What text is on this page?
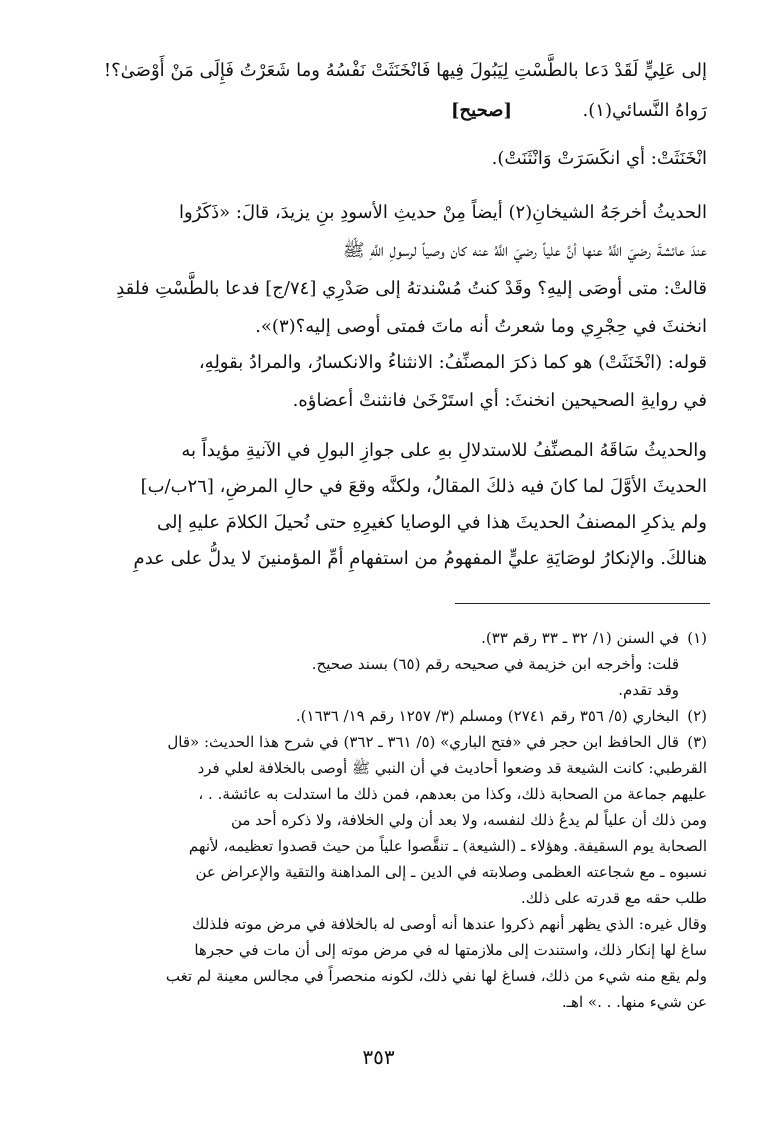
إلى عَلِيٍّ لَقَدْ دَعا بالطَّسْتِ لِيَبُولَ فِيها فَانْخَنَثَتْ نَفْسُهُ وما شَعَرْتُ فَإِلَى مَنْ أَوْصَىٰ؟!
رَواهُ النَّسائي(١).
[صحيح]
انْخَنَثَتْ: أي انكَسَرَتْ وَانْثَنَتْ).
الحديثُ أخرجَهُ الشيخانِ(٢) أيضاً مِنْ حديثِ الأسودِ بنِ يزيدَ، قالَ: «ذَكَرُوا
عندَ عائشةَ رضيَ اللَّهُ عنها أنَّ علياً رضيَ اللَّهُ عنه كان وصياً لرسولِ اللَّهِ ﷺ
قالتْ: متى أوصَى إليهِ؟ وقَدْ كنتُ مُسْندتهُ إلى صَدْرِي [٧٤/ج] فدعا بالطَّسْتِ فلقدِ
انخنثَ في حِجْرِي وما شعرتُ أنه ماتَ فمتى أوصى إليه؟(٣)».
قوله: (انْخَنَثَتْ) هو كما ذكرَ المصنِّفُ: الانثناءُ والانكسارُ، والمرادُ بقولِهِ،
في روايةِ الصحيحين انخنثَ: أي استَرْخَىٰ فانثنتْ أعضاؤه.
والحديثُ سَاقَهُ المصنِّفُ للاستدلالِ بهِ على جوازِ البولِ في الآنيةِ مؤيداً به
الحديثَ الأوَّلَ لما كانَ فيه ذلكَ المقالُ، ولكنَّه وقعَ في حالِ المرضِ، [٢٦ب/ب]
ولم يذكرِ المصنفُ الحديثَ هذا في الوصايا كغيرِهِ حتى نُحيلَ الكلامَ عليهِ إلى
هنالكَ. والإنكارُ لوصَايَةِ عليٍّ المفهومُ من استفهامِ أمِّ المؤمنينَ لا يدلُّ على عدمِ
(١)
في السنن (١/ ٣٢ ـ ٣٣ رقم ٣٣).
قلت: وأخرجه ابن خزيمة في صحيحه رقم (٦٥) بسند صحيح.
وقد تقدم.
(٢)
البخاري (٥/ ٣٥٦ رقم ٢٧٤١) ومسلم (٣/ ١٢٥٧ رقم ١٩/ ١٦٣٦).
(٣)
قال الحافظ ابن حجر في «فتح الباري» (٥/ ٣٦١ ـ ٣٦٢) في شرح هذا الحديث: «قال
القرطبي: كانت الشيعة قد وضعوا أحاديث في أن النبي ﷺ أوصى بالخلافة لعلي فرد
عليهم جماعة من الصحابة ذلك، وكذا من بعدهم، فمن ذلك ما استدلت به عائشة. . ،
ومن ذلك أن علياً لم يدعُ ذلك لنفسه، ولا بعد أن ولي الخلافة، ولا ذكره أحد من
الصحابة يوم السقيفة. وهؤلاء ـ (الشيعة) ـ تنقَّصوا علياً من حيث قصدوا تعظيمه، لأنهم
نسبوه ـ مع شجاعته العظمى وصلابته في الدين ـ إلى المداهنة والتقية والإعراض عن
طلب حقه مع قدرته على ذلك.
وقال غيره: الذي يظهر أنهم ذكروا عندها أنه أوصى له بالخلافة في مرض موته فلذلك
ساغ لها إنكار ذلك، واستندت إلى ملازمتها له في مرض موته إلى أن مات في حجرها
ولم يقع منه شيء من ذلك، فساغ لها نفي ذلك، لكونه منحصراً في مجالس معينة لم تغب
عن شيء منها. . .» اهـ.
٣٥٣
